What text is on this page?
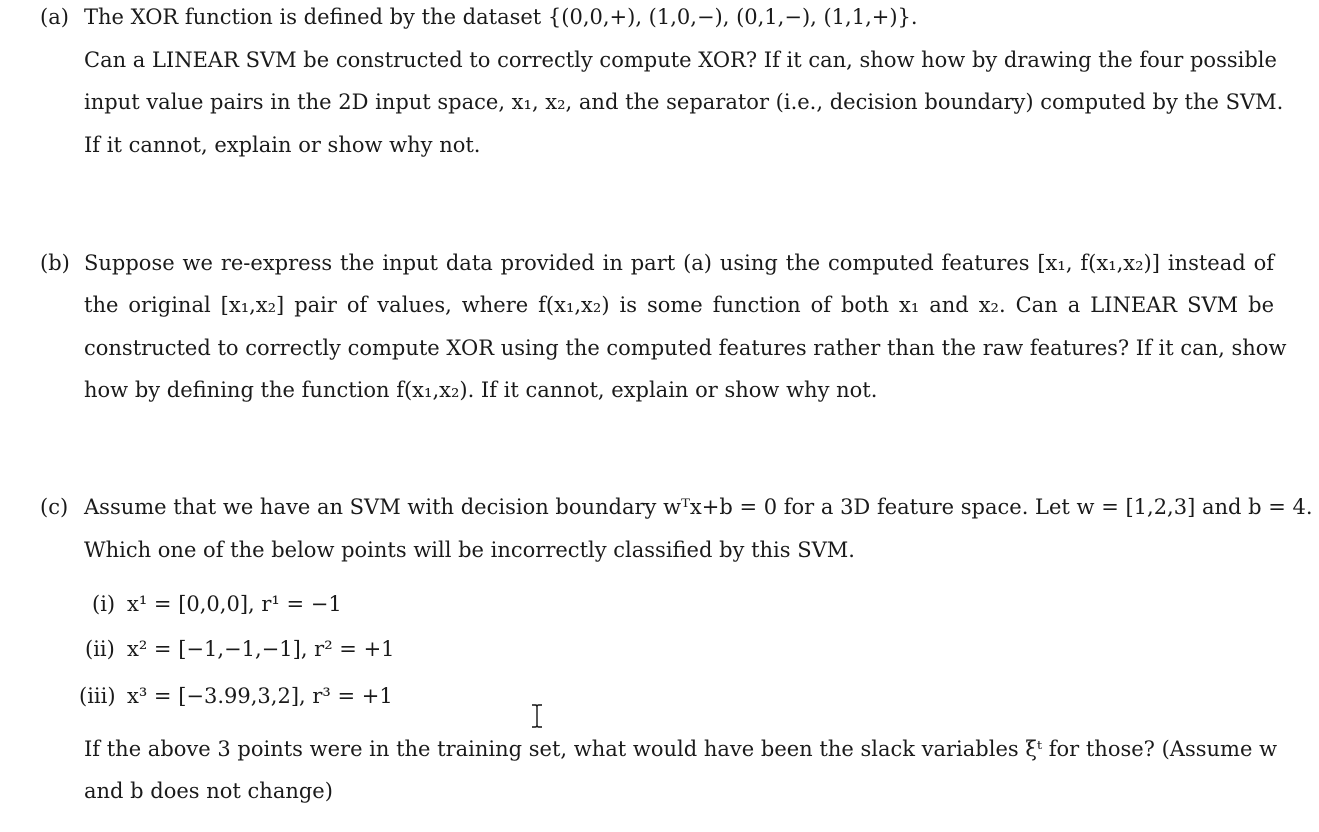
(a) The XOR function is defined by the dataset {(0,0,+), (1,0,−), (0,1,−), (1,1,+)}.
Can a LINEAR SVM be constructed to correctly compute XOR? If it can, show how by drawing the four possible
input value pairs in the 2D input space, x₁, x₂, and the separator (i.e., decision boundary) computed by the SVM.
If it cannot, explain or show why not.
(b) Suppose we re-express the input data provided in part (a) using the computed features [x₁, f(x₁,x₂)] instead of
the original [x₁,x₂] pair of values, where f(x₁,x₂) is some function of both x₁ and x₂. Can a LINEAR SVM be
constructed to correctly compute XOR using the computed features rather than the raw features? If it can, show
how by defining the function f(x₁,x₂). If it cannot, explain or show why not.
(c) Assume that we have an SVM with decision boundary wᵀx+b = 0 for a 3D feature space. Let w = [1,2,3] and b = 4.
Which one of the below points will be incorrectly classified by this SVM.
(i) x¹ = [0,0,0], r¹ = −1
(ii) x² = [−1,−1,−1], r² = +1
(iii) x³ = [−3.99,3,2], r³ = +1
If the above 3 points were in the training set, what would have been the slack variables ξᵗ for those? (Assume w
and b does not change)
